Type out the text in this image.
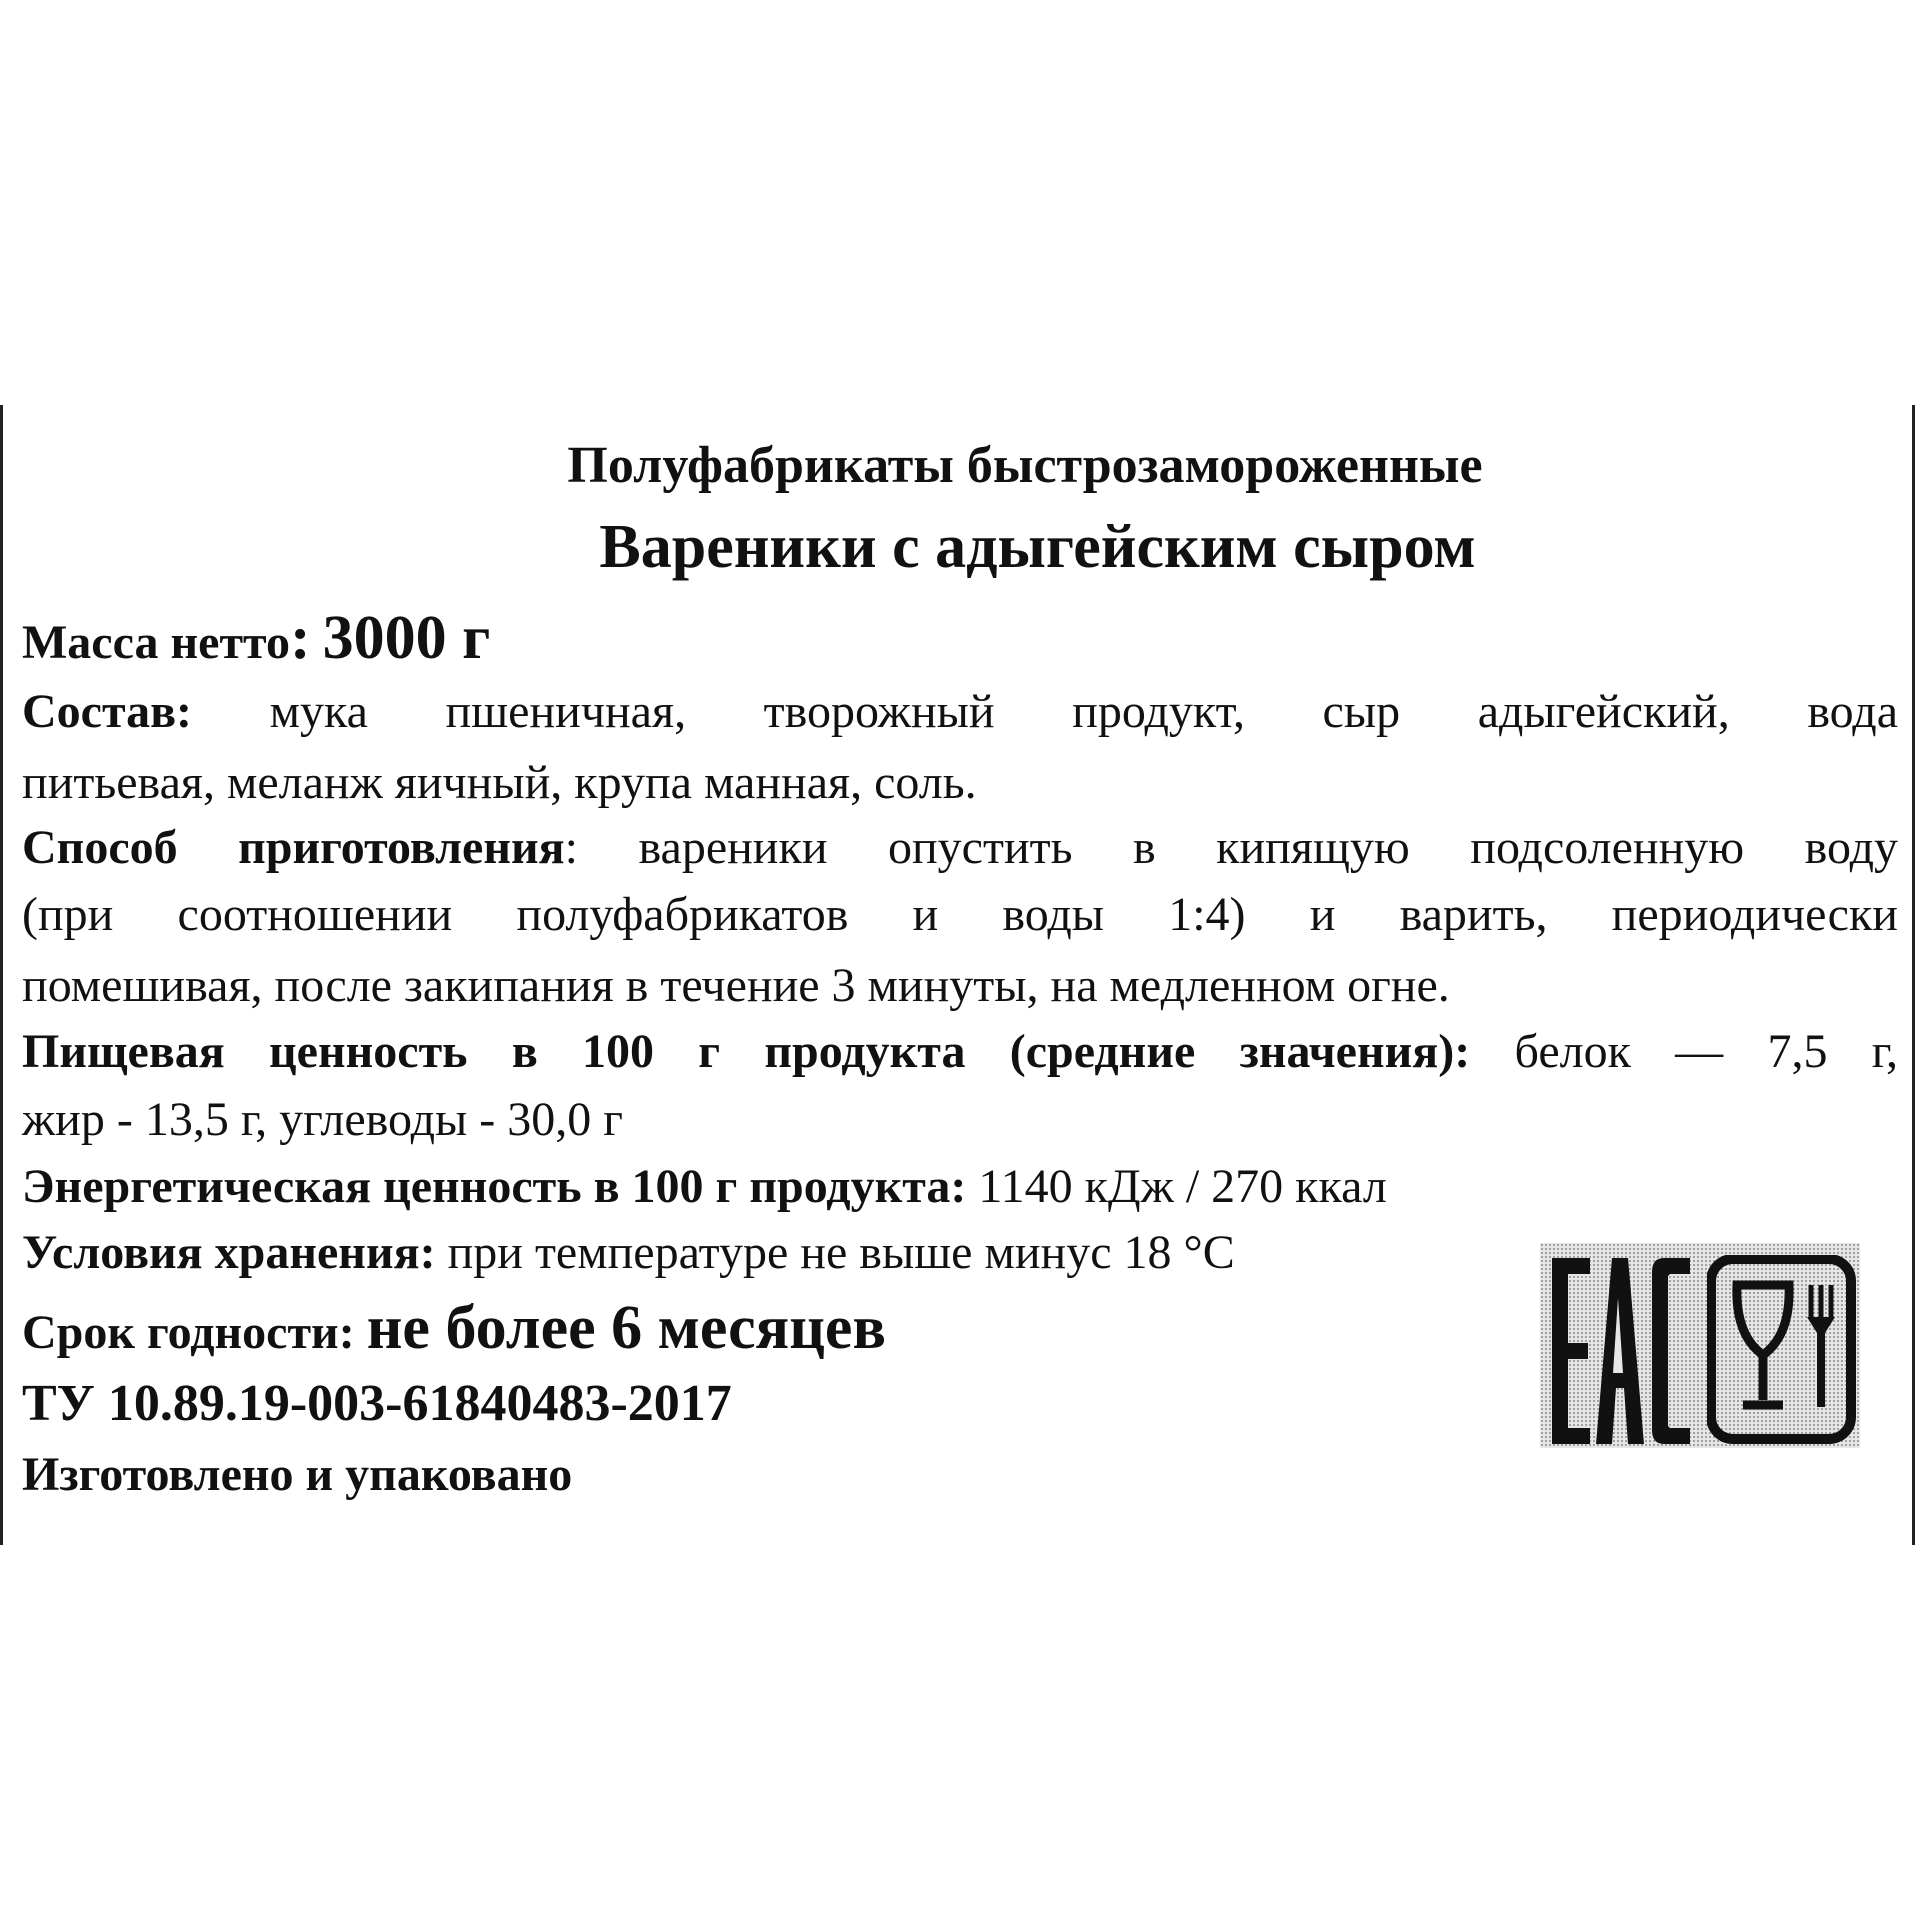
Полуфабрикаты быстрозамороженные
Вареники с адыгейским сыром
Масса нетто: 3000 г
Состав: мука пшеничная, творожный продукт, сыр адыгейский, вода
питьевая, меланж яичный, крупа манная, соль.
Способ приготовления: вареники опустить в кипящую подсоленную воду
(при соотношении полуфабрикатов и воды 1:4) и варить, периодически
помешивая, после закипания в течение 3 минуты, на медленном огне.
Пищевая ценность в 100 г продукта (средние значения): белок — 7,5 г,
жир - 13,5 г, углеводы - 30,0 г
Энергетическая ценность в 100 г продукта: 1140 кДж / 270 ккал
Условия хранения: при температуре не выше минус 18 °С
Срок годности: не более 6 месяцев
ТУ 10.89.19-003-61840483-2017
Изготовлено и упаковано
